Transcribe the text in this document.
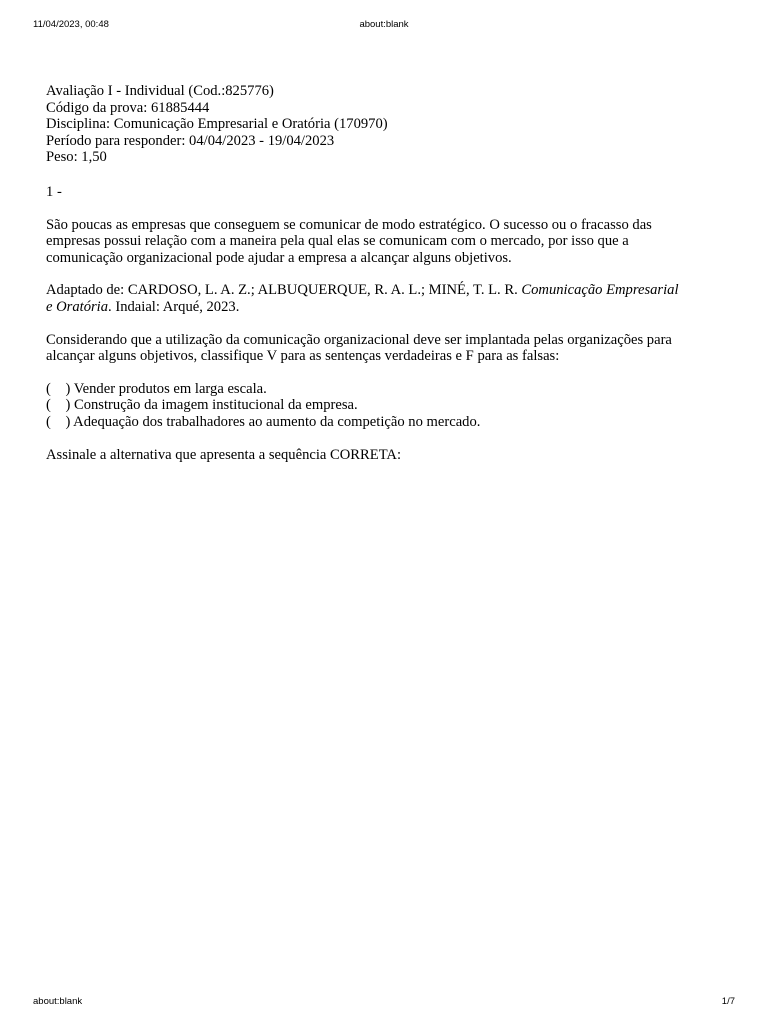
11/04/2023, 00:48	about:blank
Avaliação I - Individual (Cod.:825776)
Código da prova: 61885444
Disciplina: Comunicação Empresarial e Oratória (170970)
Período para responder: 04/04/2023 - 19/04/2023
Peso: 1,50
1 -
São poucas as empresas que conseguem se comunicar de modo estratégico. O sucesso ou o fracasso das
empresas possui relação com a maneira pela qual elas se comunicam com o mercado, por isso que a
comunicação organizacional pode ajudar a empresa a alcançar alguns objetivos.
Adaptado de: CARDOSO, L. A. Z.; ALBUQUERQUE, R. A. L.; MINÉ, T. L. R. Comunicação Empresarial
e Oratória. Indaial: Arqué, 2023.
Considerando que a utilização da comunicação organizacional deve ser implantada pelas organizações para
alcançar alguns objetivos, classifique V para as sentenças verdadeiras e F para as falsas:
(    ) Vender produtos em larga escala.
(    ) Construção da imagem institucional da empresa.
(    ) Adequação dos trabalhadores ao aumento da competição no mercado.
Assinale a alternativa que apresenta a sequência CORRETA:
about:blank	1/7
